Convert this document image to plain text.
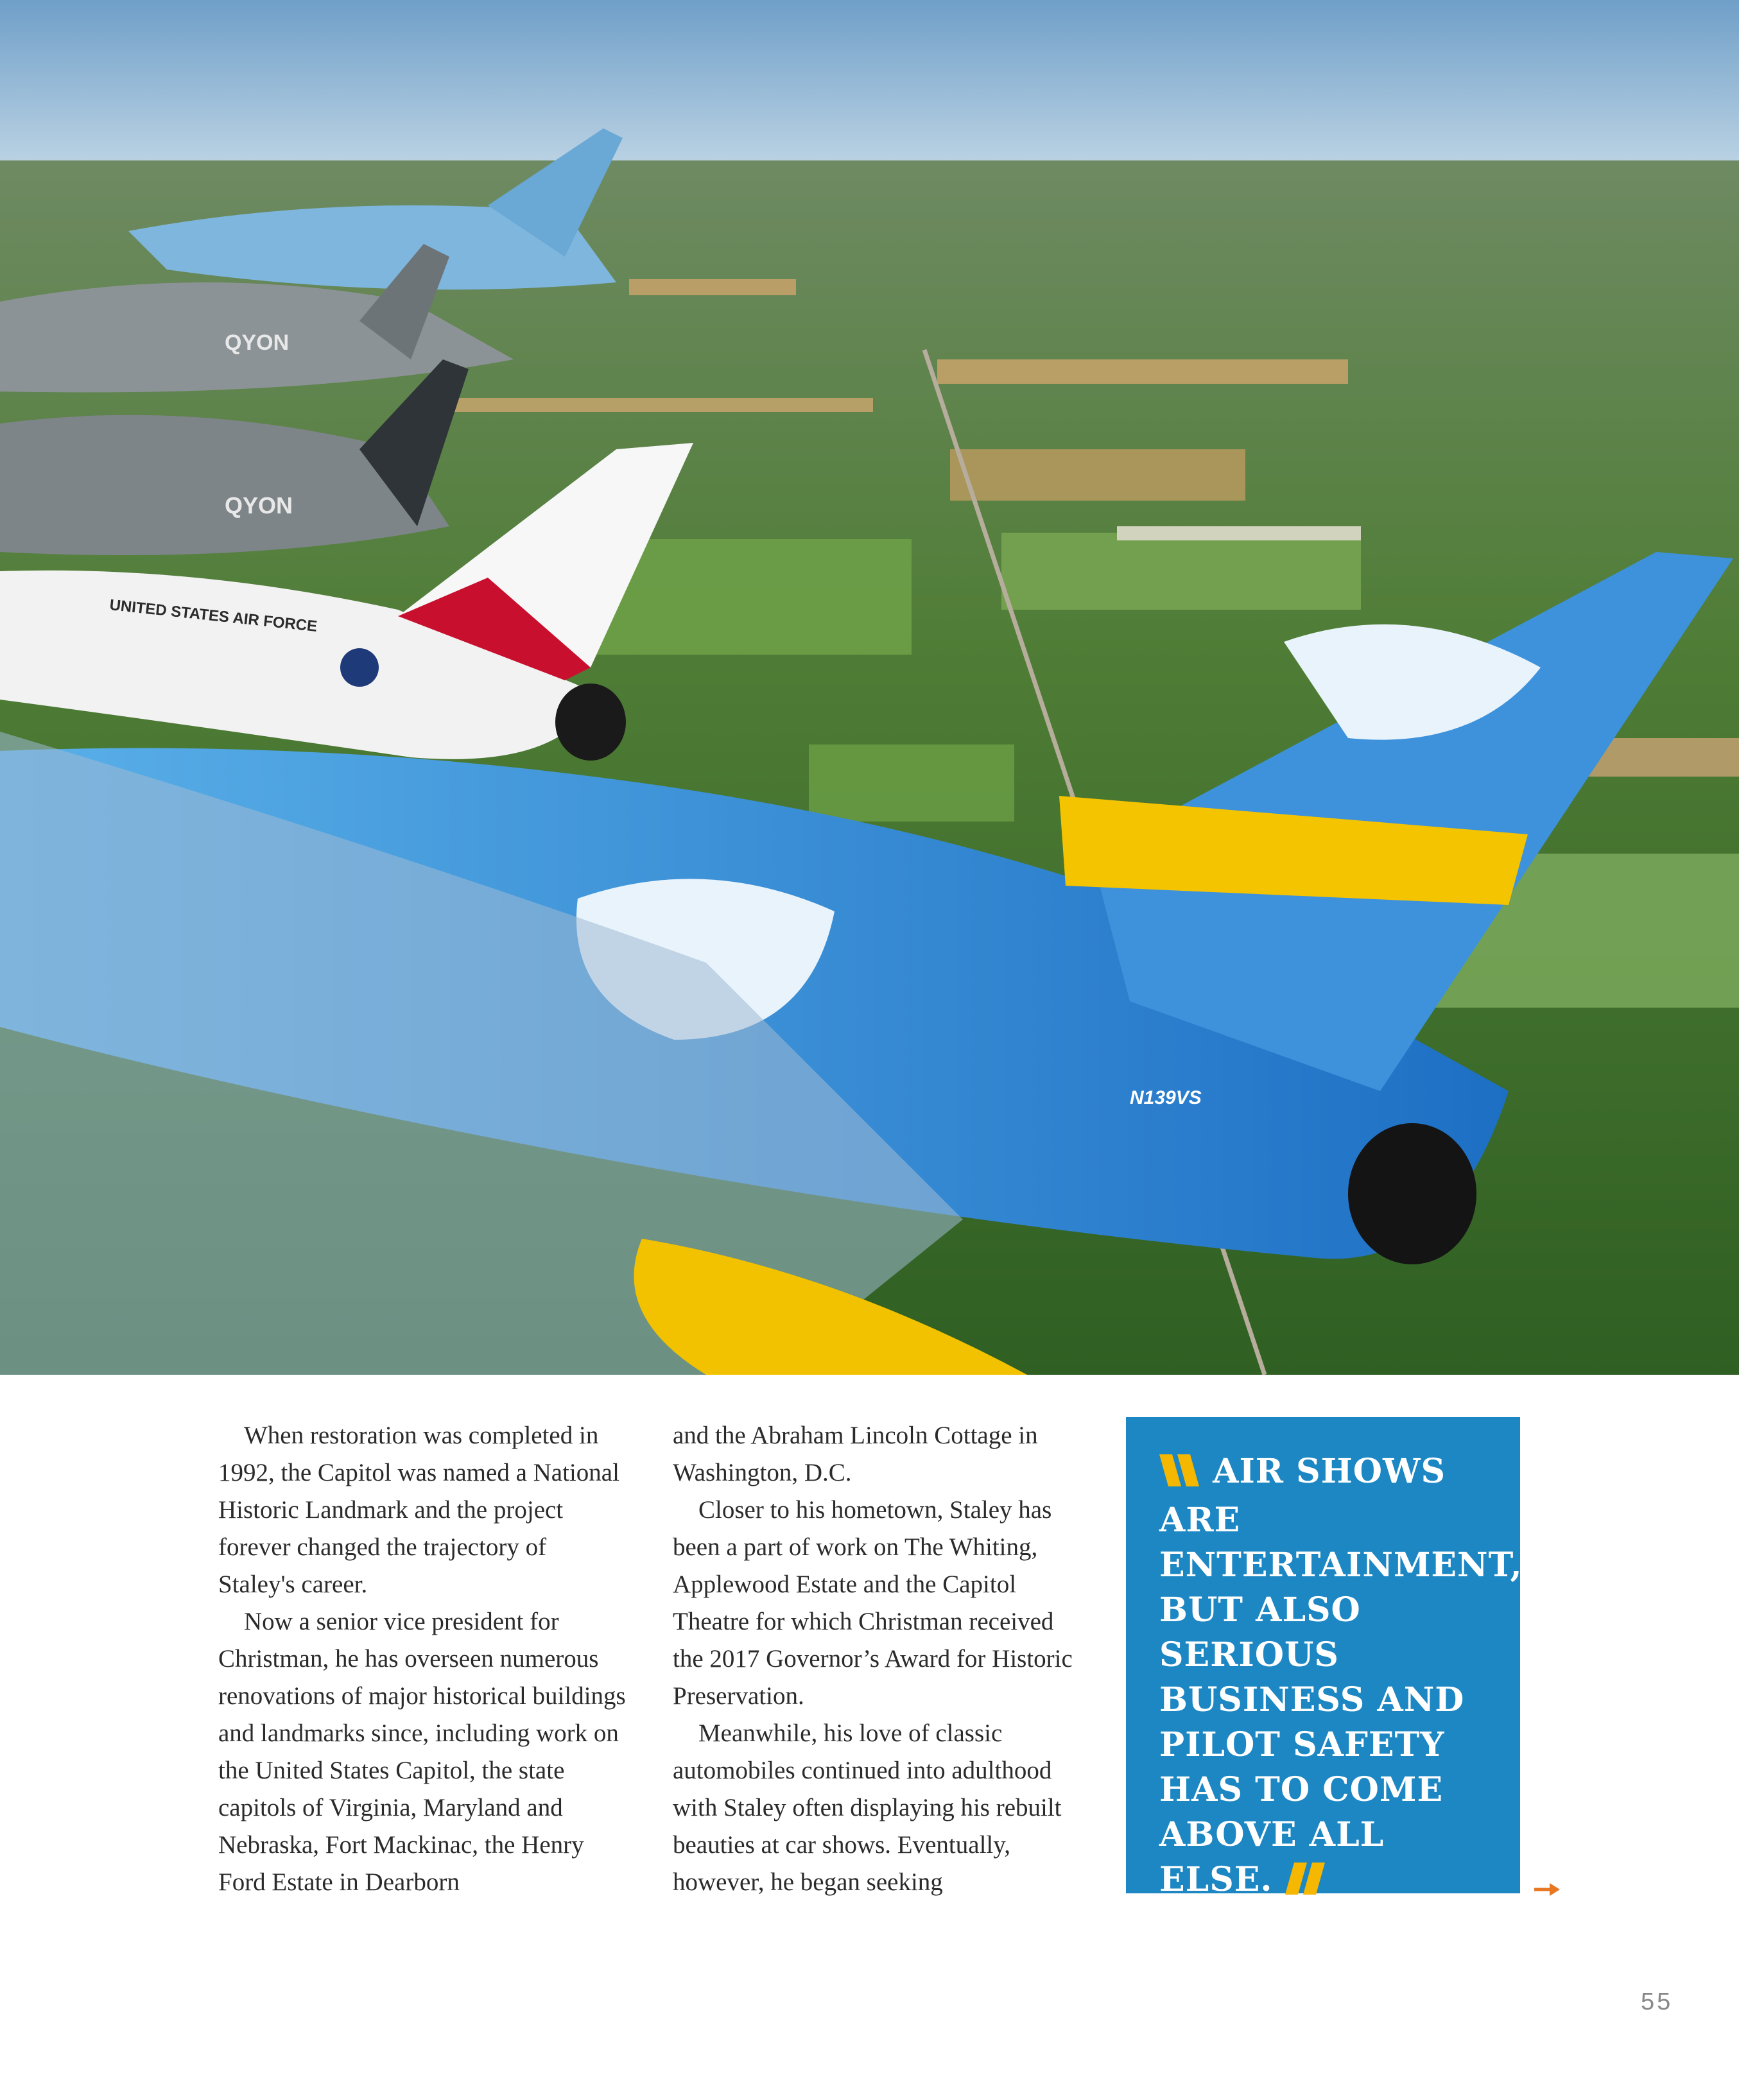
QYON
QYON
UNITED STATES AIR FORCE
N139VS

When restoration was completed in 1992, the Capitol was named a National Historic Landmark and the project forever changed the trajectory of Staley's career.

Now a senior vice president for Christman, he has overseen numerous renovations of major historical buildings and landmarks since, including work on the United States Capitol, the state capitols of Virginia, Maryland and Nebraska, Fort Mackinac, the Henry Ford Estate in Dearborn

and the Abraham Lincoln Cottage in Washington, D.C.

Closer to his hometown, Staley has been a part of work on The Whiting, Applewood Estate and the Capitol Theatre for which Christman received the 2017 Governor’s Award for Historic Preservation.

Meanwhile, his love of classic automobiles continued into adulthood with Staley often displaying his rebuilt beauties at car shows. Eventually, however, he began seeking

AIR SHOWS ARE ENTERTAINMENT, BUT ALSO SERIOUS BUSINESS AND PILOT SAFETY HAS TO COME ABOVE ALL ELSE.
RON STALEY
55
